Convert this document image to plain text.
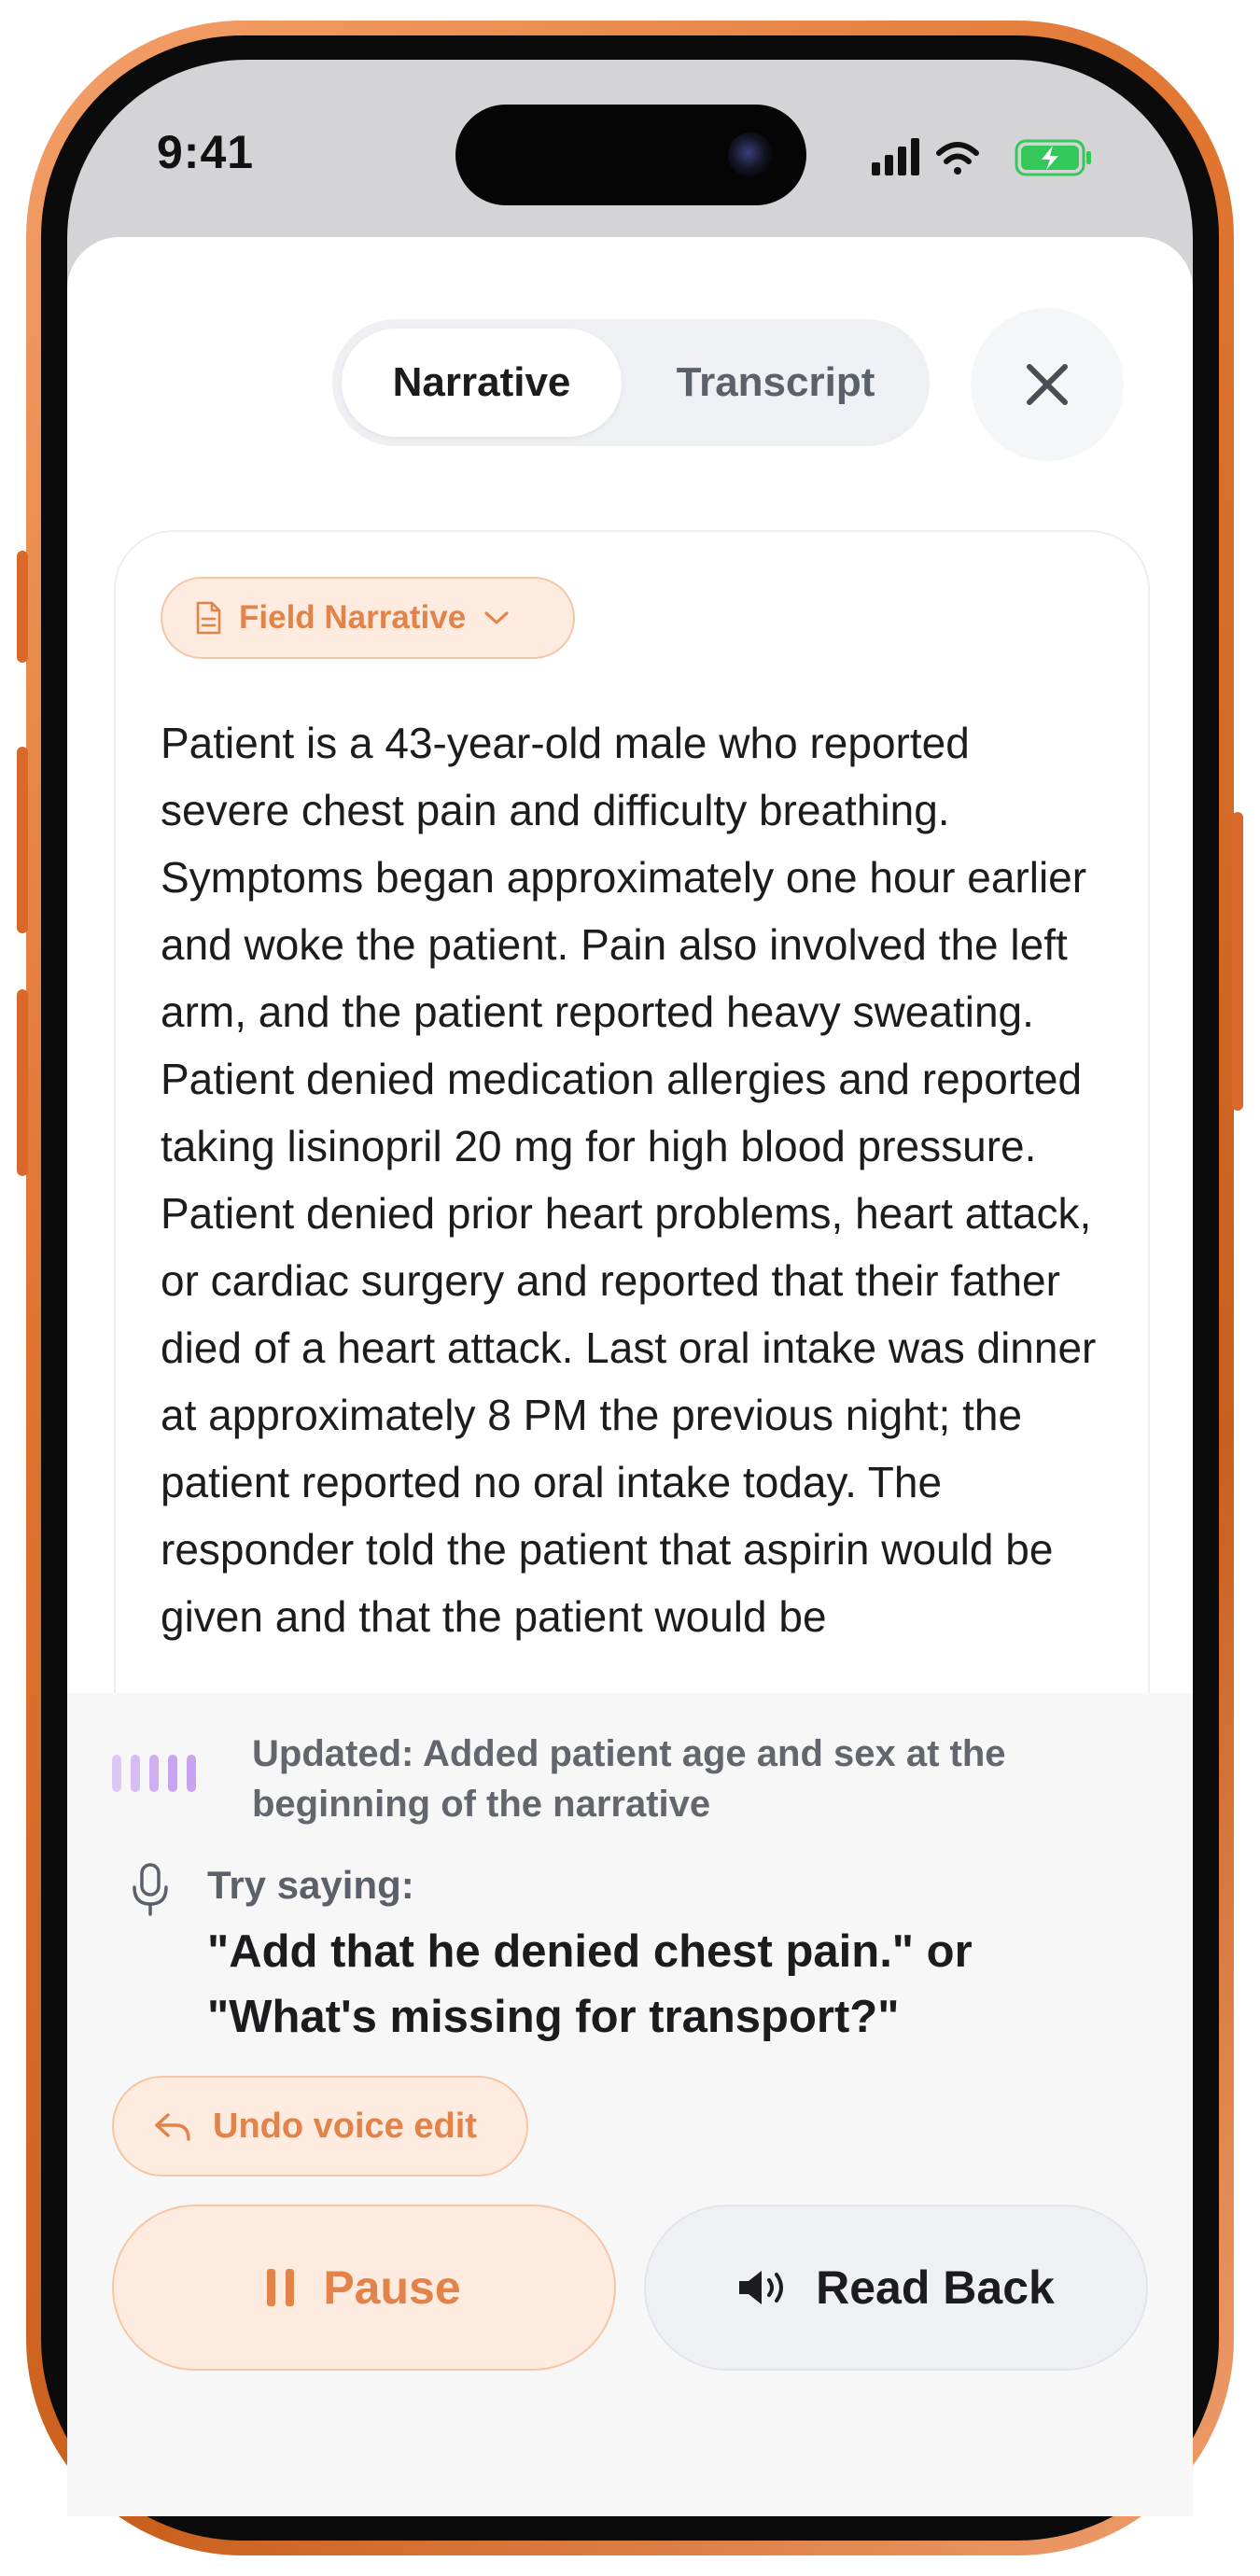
9:41
Narrative	Transcript
Field Narrative
Patient is a 43-year-old male who reported severe chest pain and difficulty breathing. Symptoms began approximately one hour earlier and woke the patient. Pain also involved the left arm, and the patient reported heavy sweating. Patient denied medication allergies and reported taking lisinopril 20 mg for high blood pressure. Patient denied prior heart problems, heart attack, or cardiac surgery and reported that their father died of a heart attack. Last oral intake was dinner at approximately 8 PM the previous night; the patient reported no oral intake today. The responder told the patient that aspirin would be given and that the patient would be
Updated: Added patient age and sex at the beginning of the narrative
Try saying:
"Add that he denied chest pain." or "What's missing for transport?"
Undo voice edit
Pause	Read Back
